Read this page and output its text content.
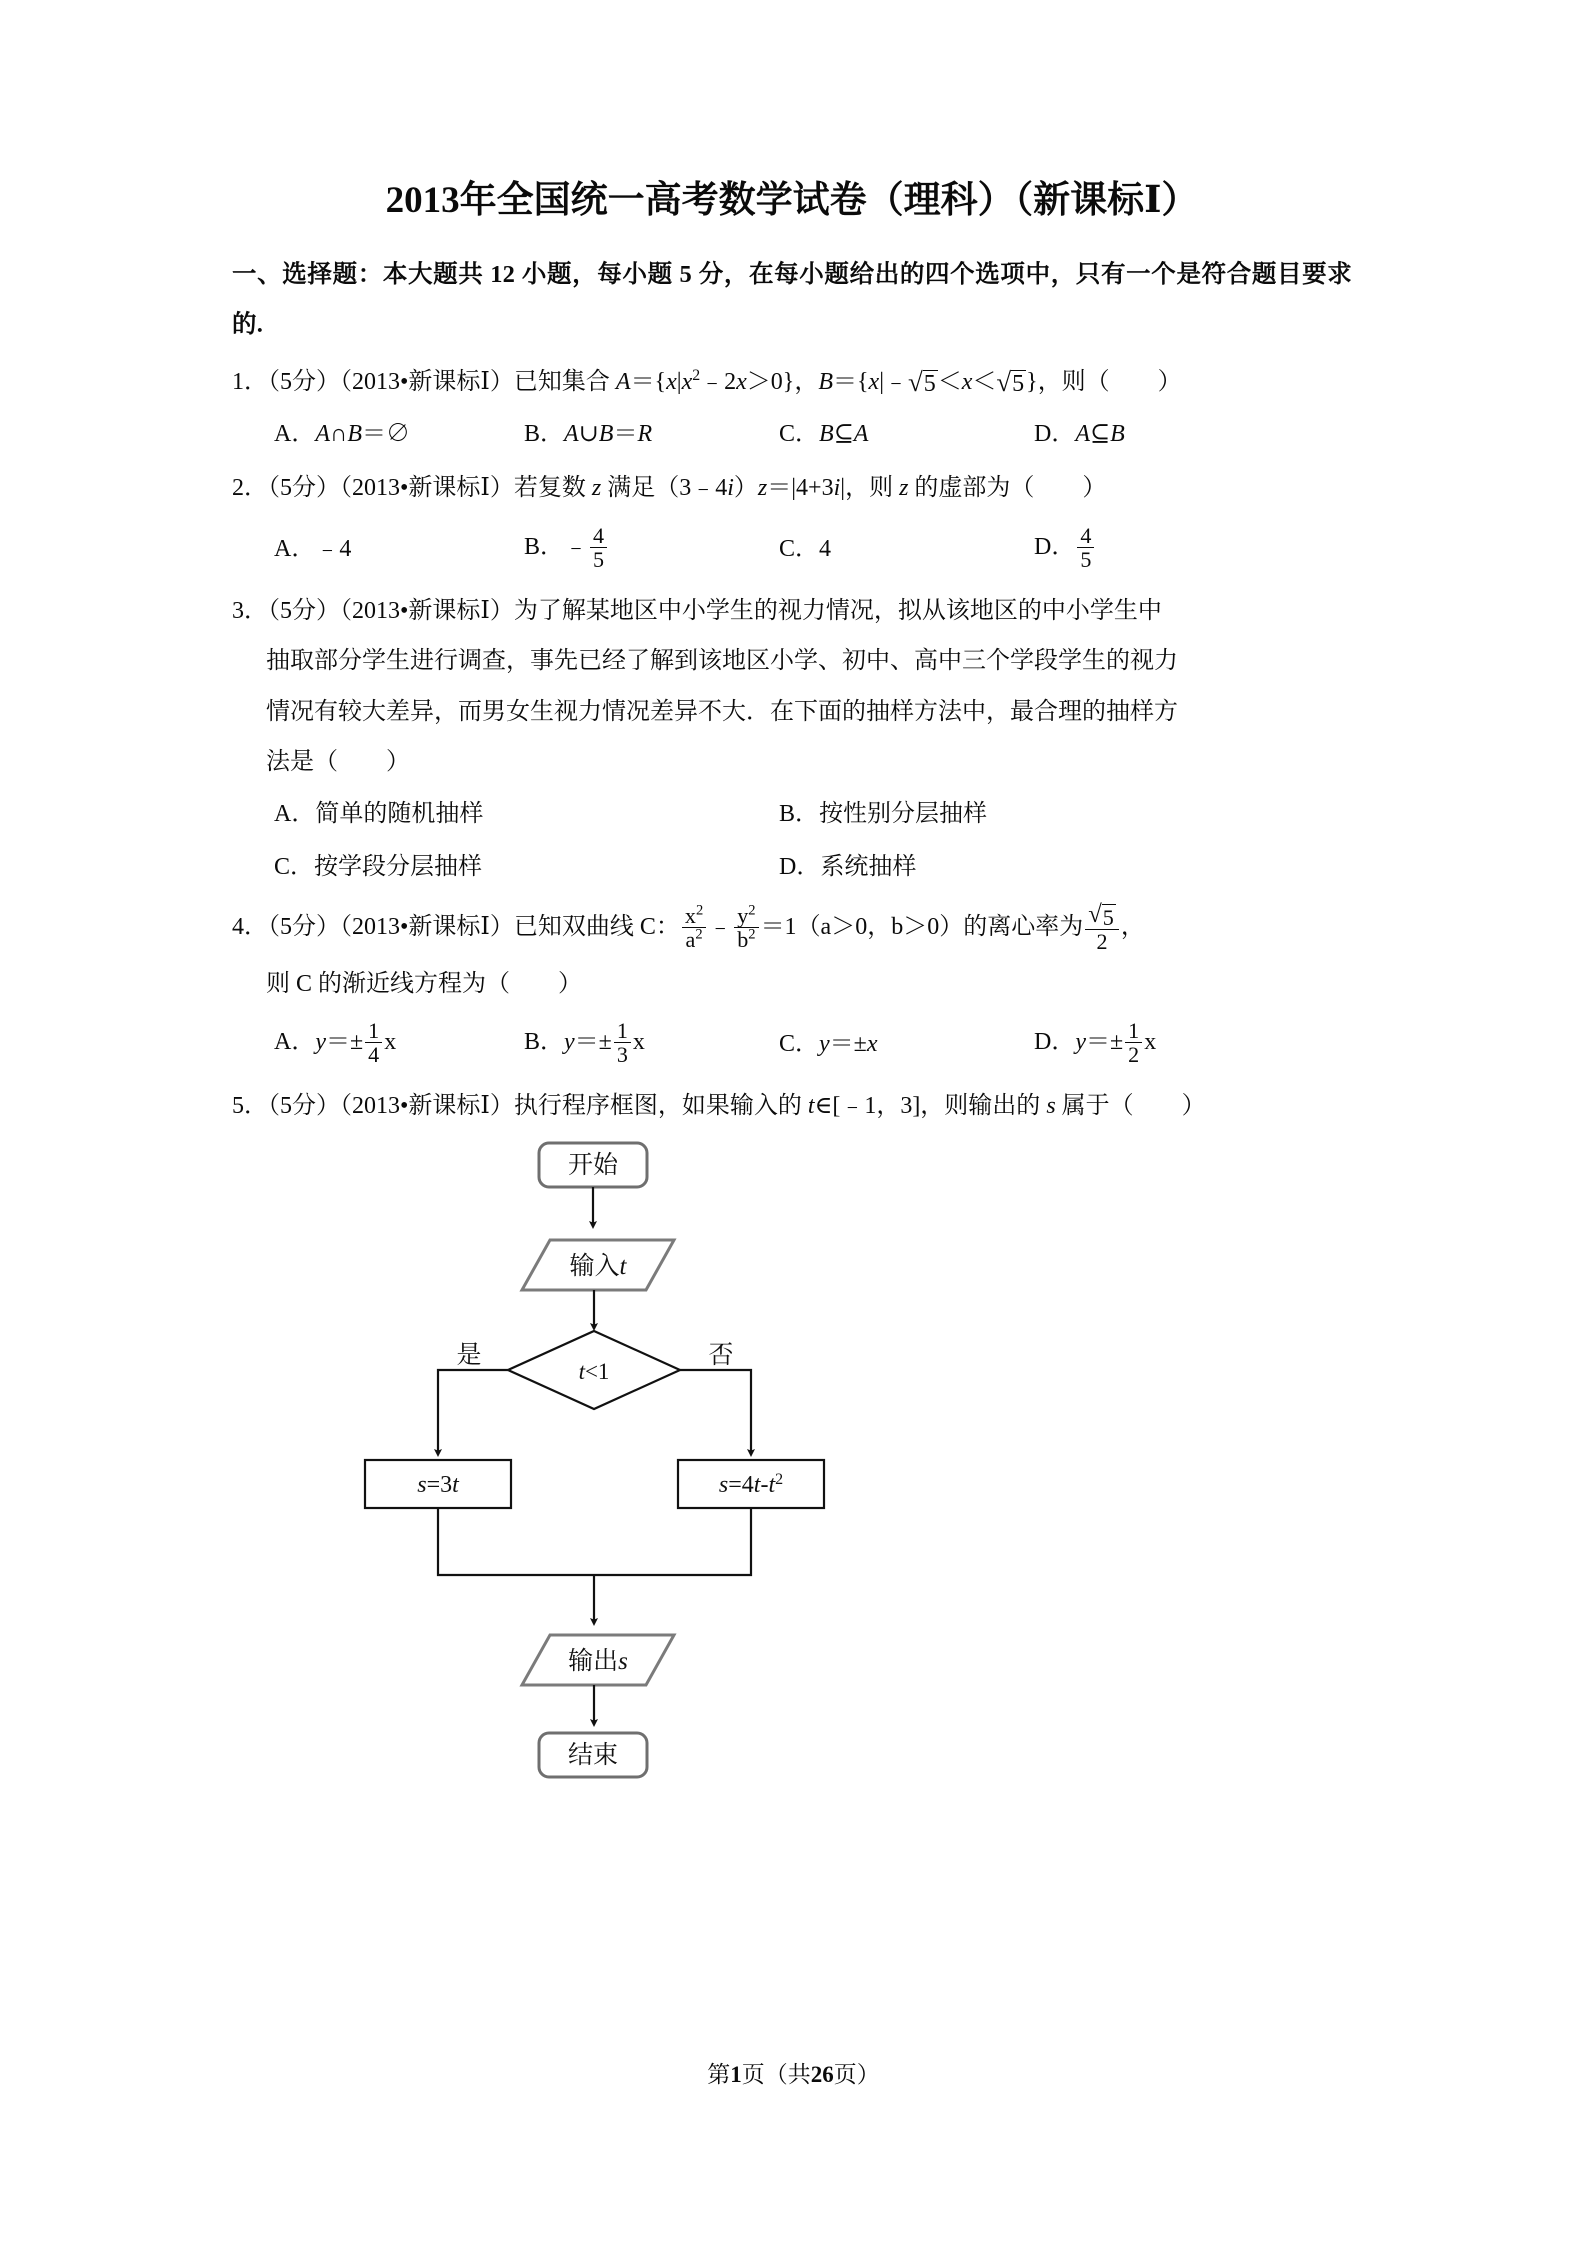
2013年全国统一高考数学试卷（理科）（新课标Ⅰ）

一、选择题：本大题共 12 小题，每小题 5 分，在每小题给出的四个选项中，只有一个是符合题目要求的.

1．（5分）（2013•新课标Ⅰ）已知集合 $A=\{x|x^2﹣2x>0\}$，B＝{x|﹣ √ 5 ＜x＜ √ 5 }，则（　　）

A．A∩B＝∅	B．A∪B＝R	C．B⊆A	D．A⊆B

2．（5分）（2013•新课标Ⅰ）若复数 z 满足（3﹣4i）z＝|4+3i|，则 z 的虚部为（　　）

A．﹣4	B．﹣ $\frac{4}{5}$	C．4	D． $\frac{4}{5}$

3．（5分）（2013•新课标Ⅰ）为了解某地区中小学生的视力情况，拟从该地区的中小学生中

抽取部分学生进行调查，事先已经了解到该地区小学、初中、高中三个学段学生的视力

情况有较大差异，而男女生视力情况差异不大．在下面的抽样方法中，最合理的抽样方

法是（　　）

A．简单的随机抽样	B．按性别分层抽样
C．按学段分层抽样	D．系统抽样

4．（5分）（2013•新课标Ⅰ）已知双曲线 C： $\frac{x^2}{a^2}$ ﹣ $\frac{y^2}{b^2} =1(a>0$，b＞0）的离心率为 $\frac{√ 5}{2}$ ，

则 C 的渐近线方程为（　　）

A．$y=\pm \frac{1}{4}$ x	B．$y=\pm \frac{1}{3}$ x	C．y＝±x	D．$y=\pm \frac{1}{2}$ x

5．（5分）（2013•新课标Ⅰ）执行程序框图，如果输入的 t∈[﹣1，3]，则输出的 s 属于（　　）

开始
输入t
t<1
是	否
s=3t	$s=4t-t^2$
输出s
结束
第1页（共26页）
